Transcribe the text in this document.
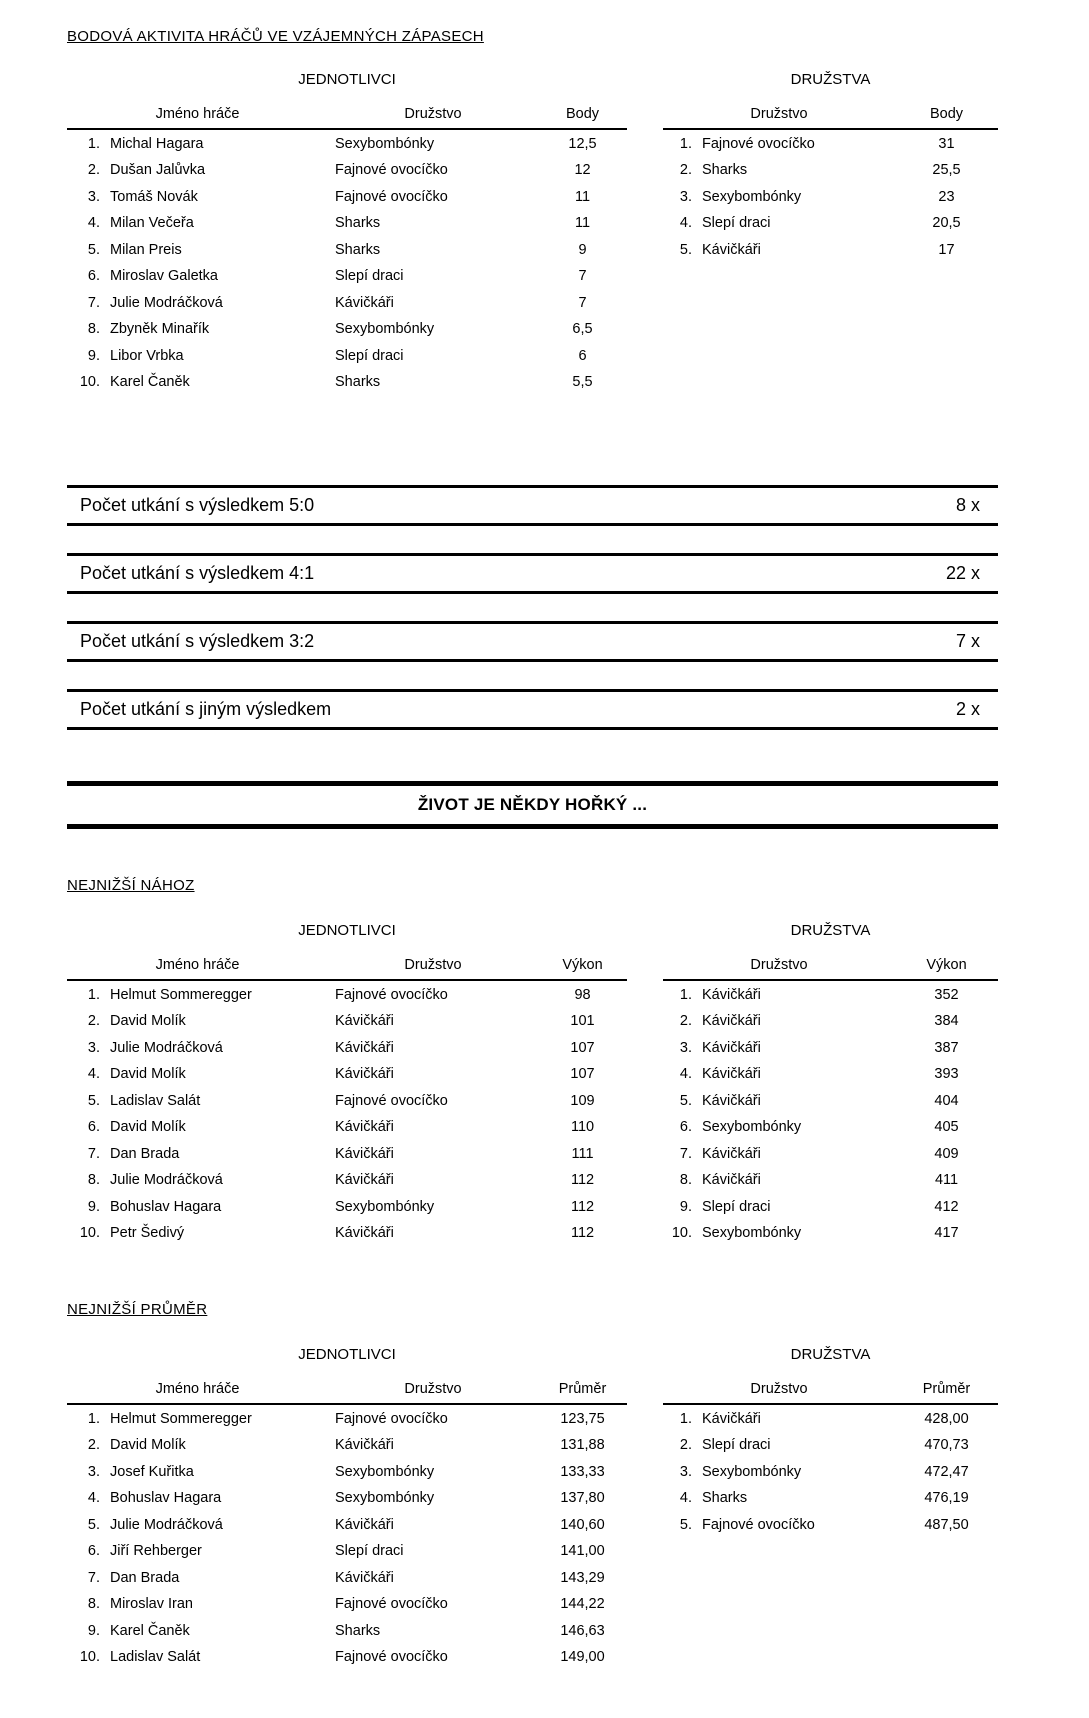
BODOVÁ AKTIVITA HRÁČŮ VE VZÁJEMNÝCH ZÁPASECH
JEDNOTLIVCI
Jméno hráče		Družstvo	Body
1.	Michal Hagara	Sexybombónky	12,5
2.	Dušan Jalůvka	Fajnové ovocíčko	12
3.	Tomáš Novák	Fajnové ovocíčko	11
4.	Milan Večeřa	Sharks	11
5.	Milan Preis	Sharks	9
6.	Miroslav Galetka	Slepí draci	7
7.	Julie Modráčková	Kávičkáři	7
8.	Zbyněk Minařík	Sexybombónky	6,5
9.	Libor Vrbka	Slepí draci	6
10.	Karel Čaněk	Sharks	5,5
DRUŽSTVA
Družstvo		Body
1.	Fajnové ovocíčko	31
2.	Sharks	25,5
3.	Sexybombónky	23
4.	Slepí draci	20,5
5.	Kávičkáři	17
Počet utkání s výsledkem 5:0	8 x
Počet utkání s výsledkem 4:1	22 x
Počet utkání s výsledkem 3:2	7 x
Počet utkání s jiným výsledkem	2 x
ŽIVOT JE NĚKDY HOŘKÝ ...
NEJNIŽŠÍ NÁHOZ
JEDNOTLIVCI
Jméno hráče		Družstvo	Výkon
1.	Helmut Sommeregger	Fajnové ovocíčko	98
2.	David Molík	Kávičkáři	101
3.	Julie Modráčková	Kávičkáři	107
4.	David Molík	Kávičkáři	107
5.	Ladislav Salát	Fajnové ovocíčko	109
6.	David Molík	Kávičkáři	110
7.	Dan Brada	Kávičkáři	111
8.	Julie Modráčková	Kávičkáři	112
9.	Bohuslav Hagara	Sexybombónky	112
10.	Petr Šedivý	Kávičkáři	112
DRUŽSTVA
Družstvo		Výkon
1.	Kávičkáři	352
2.	Kávičkáři	384
3.	Kávičkáři	387
4.	Kávičkáři	393
5.	Kávičkáři	404
6.	Sexybombónky	405
7.	Kávičkáři	409
8.	Kávičkáři	411
9.	Slepí draci	412
10.	Sexybombónky	417
NEJNIŽŠÍ PRŮMĚR
JEDNOTLIVCI
Jméno hráče		Družstvo	Průměr
1.	Helmut Sommeregger	Fajnové ovocíčko	123,75
2.	David Molík	Kávičkáři	131,88
3.	Josef Kuřitka	Sexybombónky	133,33
4.	Bohuslav Hagara	Sexybombónky	137,80
5.	Julie Modráčková	Kávičkáři	140,60
6.	Jiří Rehberger	Slepí draci	141,00
7.	Dan Brada	Kávičkáři	143,29
8.	Miroslav Iran	Fajnové ovocíčko	144,22
9.	Karel Čaněk	Sharks	146,63
10.	Ladislav Salát	Fajnové ovocíčko	149,00
DRUŽSTVA
Družstvo		Průměr
1.	Kávičkáři	428,00
2.	Slepí draci	470,73
3.	Sexybombónky	472,47
4.	Sharks	476,19
5.	Fajnové ovocíčko	487,50
